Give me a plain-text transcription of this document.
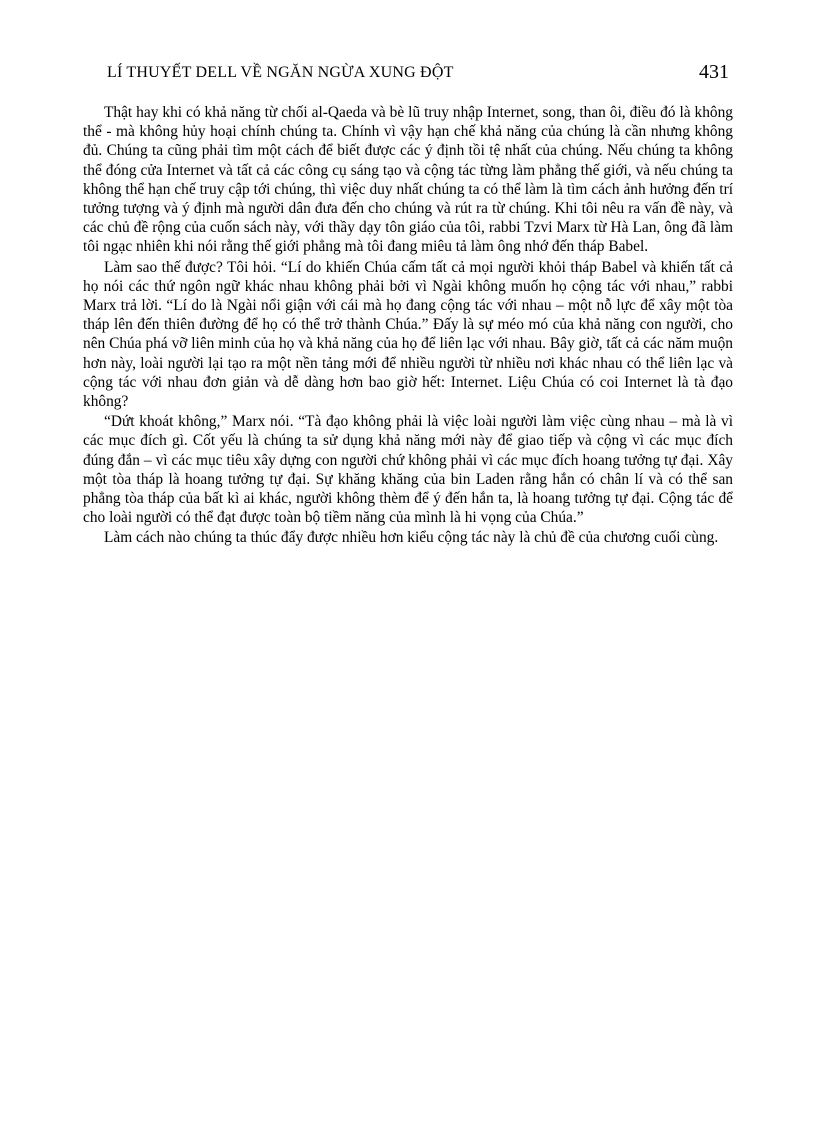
LÍ THUYẾT DELL VỀ NGĂN NGỪA XUNG ĐỘT	431

Thật hay khi có khả năng từ chối al-Qaeda và bè lũ truy nhập Internet, song, than ôi, điều đó là không thể - mà không hủy hoại chính chúng ta. Chính vì vậy hạn chế khả năng của chúng là cần nhưng không đủ. Chúng ta cũng phải tìm một cách để biết được các ý định tồi tệ nhất của chúng. Nếu chúng ta không thể đóng cửa Internet và tất cả các công cụ sáng tạo và cộng tác từng làm phẳng thế giới, và nếu chúng ta không thể hạn chế truy cập tới chúng, thì việc duy nhất chúng ta có thể làm là tìm cách ảnh hưởng đến trí tưởng tượng và ý định mà người dân đưa đến cho chúng và rút ra từ chúng. Khi tôi nêu ra vấn đề này, và các chủ đề rộng của cuốn sách này, với thầy dạy tôn giáo của tôi, rabbi Tzvi Marx từ Hà Lan, ông đã làm tôi ngạc nhiên khi nói rằng thế giới phẳng mà tôi đang miêu tả làm ông nhớ đến tháp Babel.

Làm sao thế được? Tôi hỏi. “Lí do khiến Chúa cấm tất cả mọi người khỏi tháp Babel và khiến tất cả họ nói các thứ ngôn ngữ khác nhau không phải bởi vì Ngài không muốn họ cộng tác với nhau,” rabbi Marx trả lời. “Lí do là Ngài nổi giận với cái mà họ đang cộng tác với nhau – một nỗ lực để xây một tòa tháp lên đến thiên đường để họ có thể trở thành Chúa.” Đấy là sự méo mó của khả năng con người, cho nên Chúa phá vỡ liên minh của họ và khả năng của họ để liên lạc với nhau. Bây giờ, tất cả các năm muộn hơn này, loài người lại tạo ra một nền tảng mới để nhiều người từ nhiều nơi khác nhau có thể liên lạc và cộng tác với nhau đơn giản và dễ dàng hơn bao giờ hết: Internet. Liệu Chúa có coi Internet là tà đạo không?

“Dứt khoát không,” Marx nói. “Tà đạo không phải là việc loài người làm việc cùng nhau – mà là vì các mục đích gì. Cốt yếu là chúng ta sử dụng khả năng mới này để giao tiếp và cộng vì các mục đích đúng đắn – vì các mục tiêu xây dựng con người chứ không phải vì các mục đích hoang tưởng tự đại. Xây một tòa tháp là hoang tưởng tự đại. Sự khăng khăng của bin Laden rằng hắn có chân lí và có thể san phẳng tòa tháp của bất kì ai khác, người không thèm để ý đến hắn ta, là hoang tưởng tự đại. Cộng tác để cho loài người có thể đạt được toàn bộ tiềm năng của mình là hi vọng của Chúa.”

Làm cách nào chúng ta thúc đẩy được nhiều hơn kiểu cộng tác này là chủ đề của chương cuối cùng.
